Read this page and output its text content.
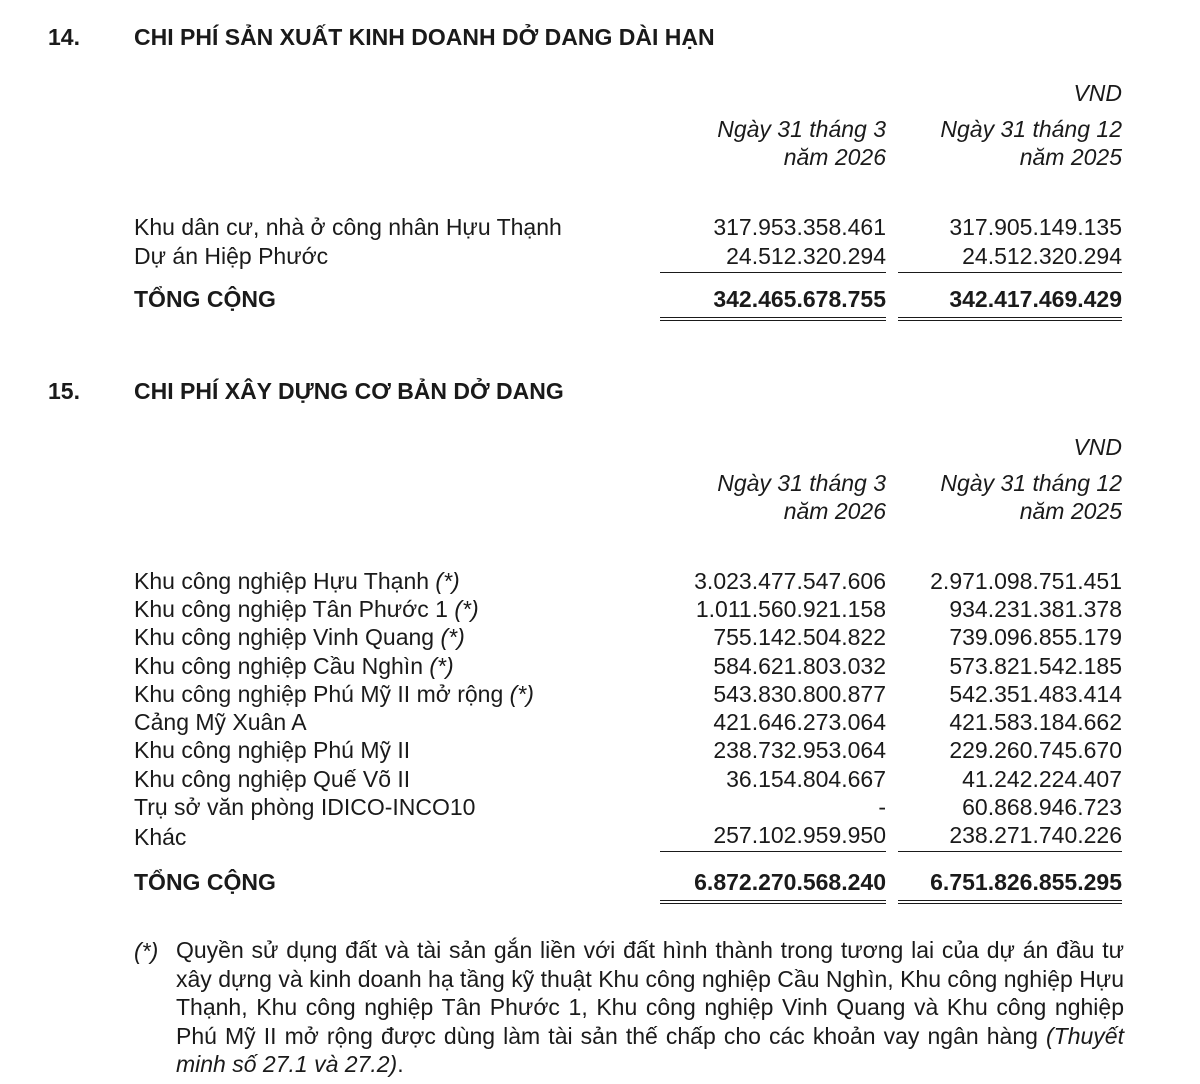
14. CHI PHÍ SẢN XUẤT KINH DOANH DỞ DANG DÀI HẠN
VND
Ngày 31 tháng 3
năm 2026
Ngày 31 tháng 12
năm 2025
Khu dân cư, nhà ở công nhân Hựu Thạnh	317.953.358.461	317.905.149.135
Dự án Hiệp Phước	24.512.320.294	24.512.320.294
TỔNG CỘNG	342.465.678.755	342.417.469.429
15. CHI PHÍ XÂY DỰNG CƠ BẢN DỞ DANG
VND
Ngày 31 tháng 3
năm 2026
Ngày 31 tháng 12
năm 2025
Khu công nghiệp Hựu Thạnh (*)	3.023.477.547.606	2.971.098.751.451
Khu công nghiệp Tân Phước 1 (*)	1.011.560.921.158	934.231.381.378
Khu công nghiệp Vinh Quang (*)	755.142.504.822	739.096.855.179
Khu công nghiệp Cầu Nghìn (*)	584.621.803.032	573.821.542.185
Khu công nghiệp Phú Mỹ II mở rộng (*)	543.830.800.877	542.351.483.414
Cảng Mỹ Xuân A	421.646.273.064	421.583.184.662
Khu công nghiệp Phú Mỹ II	238.732.953.064	229.260.745.670
Khu công nghiệp Quế Võ II	36.154.804.667	41.242.224.407
Trụ sở văn phòng IDICO-INCO10	-	60.868.946.723
Khác	257.102.959.950	238.271.740.226
TỔNG CỘNG	6.872.270.568.240	6.751.826.855.295
(*) Quyền sử dụng đất và tài sản gắn liền với đất hình thành trong tương lai của dự án đầu tư xây dựng và kinh doanh hạ tầng kỹ thuật Khu công nghiệp Cầu Nghìn, Khu công nghiệp Hựu Thạnh, Khu công nghiệp Tân Phước 1, Khu công nghiệp Vinh Quang và Khu công nghiệp Phú Mỹ II mở rộng được dùng làm tài sản thế chấp cho các khoản vay ngân hàng (Thuyết minh số 27.1 và 27.2).
